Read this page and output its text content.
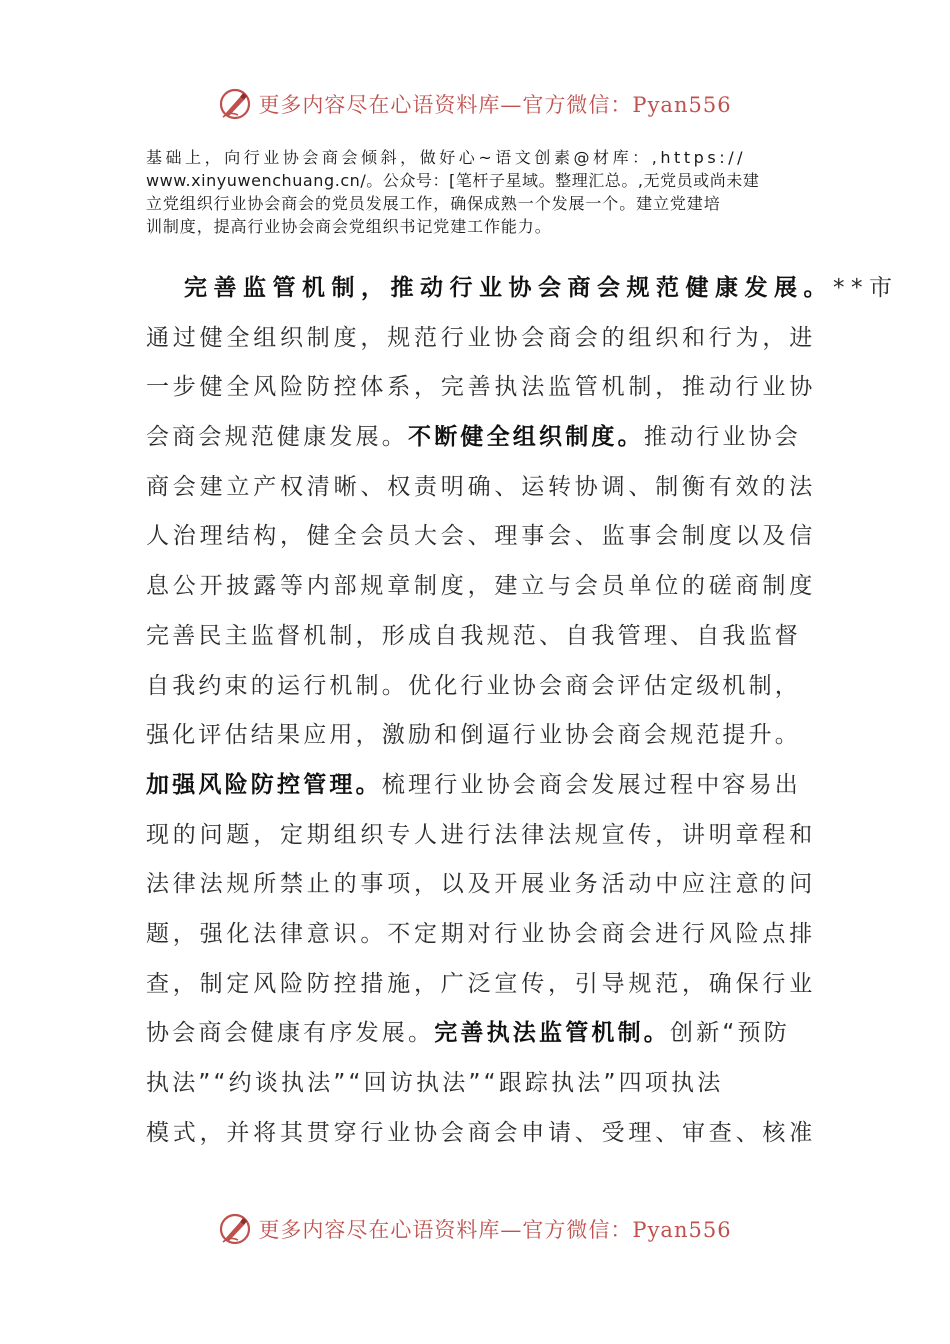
更多内容尽在心语资料库—官方微信：Pyan556
基础上，向行业协会商会倾斜，做好心~语文创素@材库：,https://
www.xinyuwenchuang.cn/。公众号：[笔杆子星域。整理汇总。,无党员或尚未建
立党组织行业协会商会的党员发展工作，确保成熟一个发展一个。建立党建培
训制度，提高行业协会商会党组织书记党建工作能力。
完善监管机制，推动行业协会商会规范健康发展。**市
通过健全组织制度，规范行业协会商会的组织和行为，进
一步健全风险防控体系，完善执法监管机制，推动行业协
会商会规范健康发展。不断健全组织制度。推动行业协会
商会建立产权清晰、权责明确、运转协调、制衡有效的法
人治理结构，健全会员大会、理事会、监事会制度以及信
息公开披露等内部规章制度，建立与会员单位的磋商制度
完善民主监督机制，形成自我规范、自我管理、自我监督
自我约束的运行机制。优化行业协会商会评估定级机制，
强化评估结果应用，激励和倒逼行业协会商会规范提升。
加强风险防控管理。梳理行业协会商会发展过程中容易出
现的问题，定期组织专人进行法律法规宣传，讲明章程和
法律法规所禁止的事项，以及开展业务活动中应注意的问
题，强化法律意识。不定期对行业协会商会进行风险点排
查，制定风险防控措施，广泛宣传，引导规范，确保行业
协会商会健康有序发展。完善执法监管机制。创新“预防
执法”“约谈执法”“回访执法”“跟踪执法”四项执法
模式，并将其贯穿行业协会商会申请、受理、审查、核准
更多内容尽在心语资料库—官方微信：Pyan556
